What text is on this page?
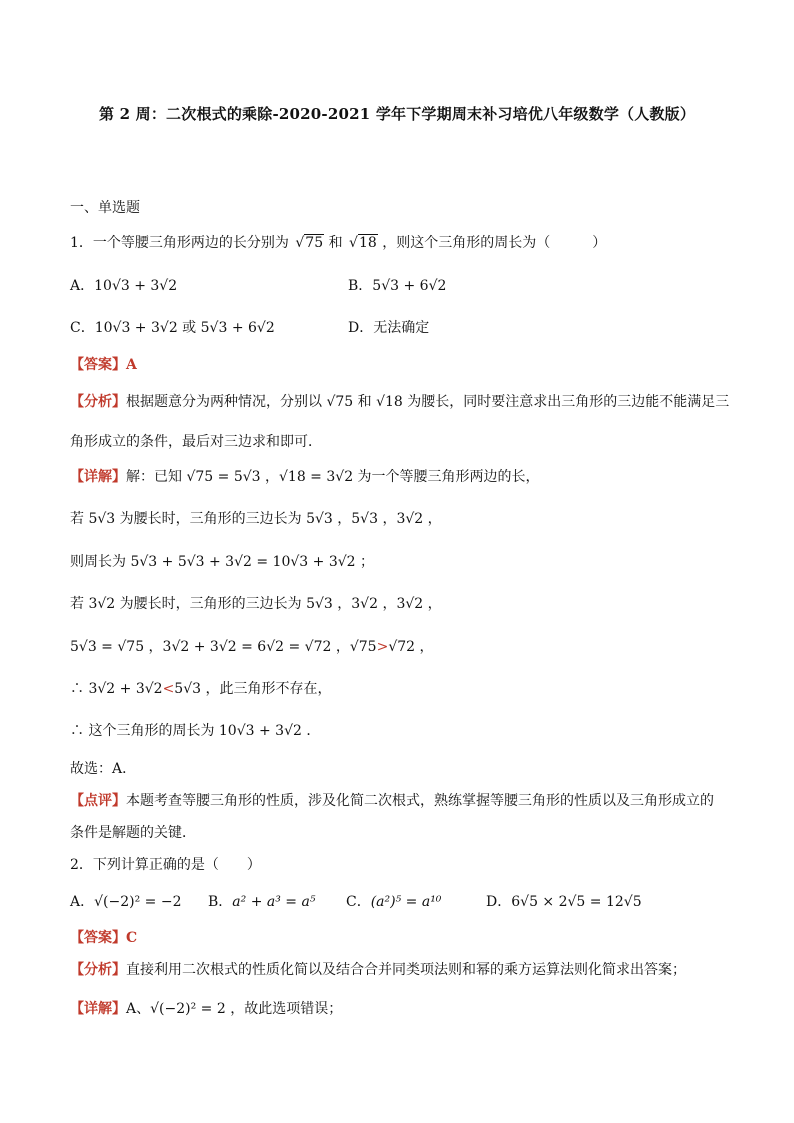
第 2 周：二次根式的乘除-2020-2021 学年下学期周末补习培优八年级数学（人教版）
一、单选题
1．一个等腰三角形两边的长分别为 √75 和 √18 ，则这个三角形的周长为（　　　）
A．10√3 + 3√2	B．5√3 + 6√2
C．10√3 + 3√2 或 5√3 + 6√2	D．无法确定
【答案】A
【分析】根据题意分为两种情况，分别以 √75 和 √18 为腰长，同时要注意求出三角形的三边能不能满足三
角形成立的条件，最后对三边求和即可．
【详解】解：已知 √75 = 5√3 ，√18 = 3√2 为一个等腰三角形两边的长，
若 5√3 为腰长时，三角形的三边长为 5√3 ，5√3 ，3√2 ，
则周长为 5√3 + 5√3 + 3√2 = 10√3 + 3√2 ；
若 3√2 为腰长时，三角形的三边长为 5√3 ，3√2 ，3√2 ，
5√3 = √75 ，3√2 + 3√2 = 6√2 = √72 ，√75>√72 ，
∴ 3√2 + 3√2<5√3 ，此三角形不存在，
∴ 这个三角形的周长为 10√3 + 3√2 ．
故选：A．
【点评】本题考查等腰三角形的性质，涉及化简二次根式，熟练掌握等腰三角形的性质以及三角形成立的
条件是解题的关键．
2．下列计算正确的是（　　）
A．√(−2)² = −2 B．a² + a³ = a⁵ C．(a²)⁵ = a¹⁰	D．6√5 × 2√5 = 12√5
【答案】C
【分析】直接利用二次根式的性质化简以及结合合并同类项法则和幂的乘方运算法则化简求出答案；
【详解】A、√(−2)² = 2 ，故此选项错误；
